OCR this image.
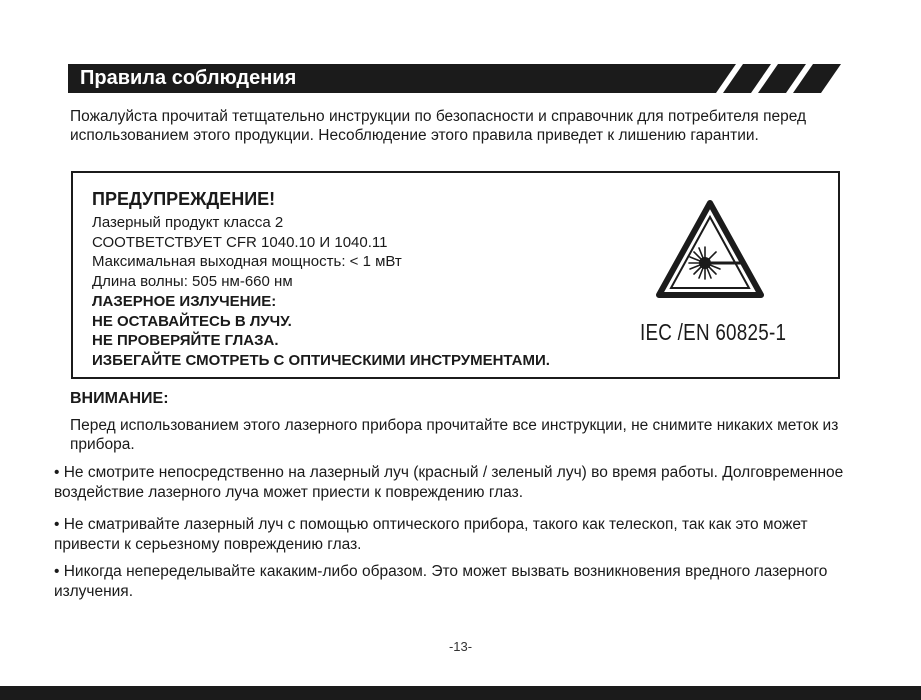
Правила соблюдения

Пожалуйста прочитай тетщательно инструкции по безопасности и справочник для потребителя перед использованием этого продукции. Несоблюдение этого правила приведет к лишению гарантии.

ПРЕДУПРЕЖДЕНИЕ!
Лазерный продукт класса 2
СООТВЕТСТВУЕТ CFR 1040.10 И 1040.11
Максимальная выходная мощность: < 1 мВт
Длина волны: 505 нм-660 нм
ЛАЗЕРНОЕ ИЗЛУЧЕНИЕ:
НЕ ОСТАВАЙТЕСЬ В ЛУЧУ.
НЕ ПРОВЕРЯЙТЕ ГЛАЗА.
ИЗБЕГАЙТЕ СМОТРЕТЬ С ОПТИЧЕСКИМИ ИНСТРУМЕНТАМИ.
IEC /EN 60825-1
ВНИМАНИЕ:

Перед использованием этого лазерного прибора прочитайте все инструкции, не снимите никаких меток из прибора.

• Не смотрите непосредственно на лазерный луч (красный / зеленый луч) во время работы. Долговременное воздействие лазерного луча может приести к повреждению глаз.

• Не сматривайте лазерный луч с помощью оптического прибора, такого как телескоп, так как это может привести к серьезному повреждению глаз.

• Никогда непеределывайте какаким-либо образом. Это может вызвать возникновения вредного лазерного излучения.

-13-
